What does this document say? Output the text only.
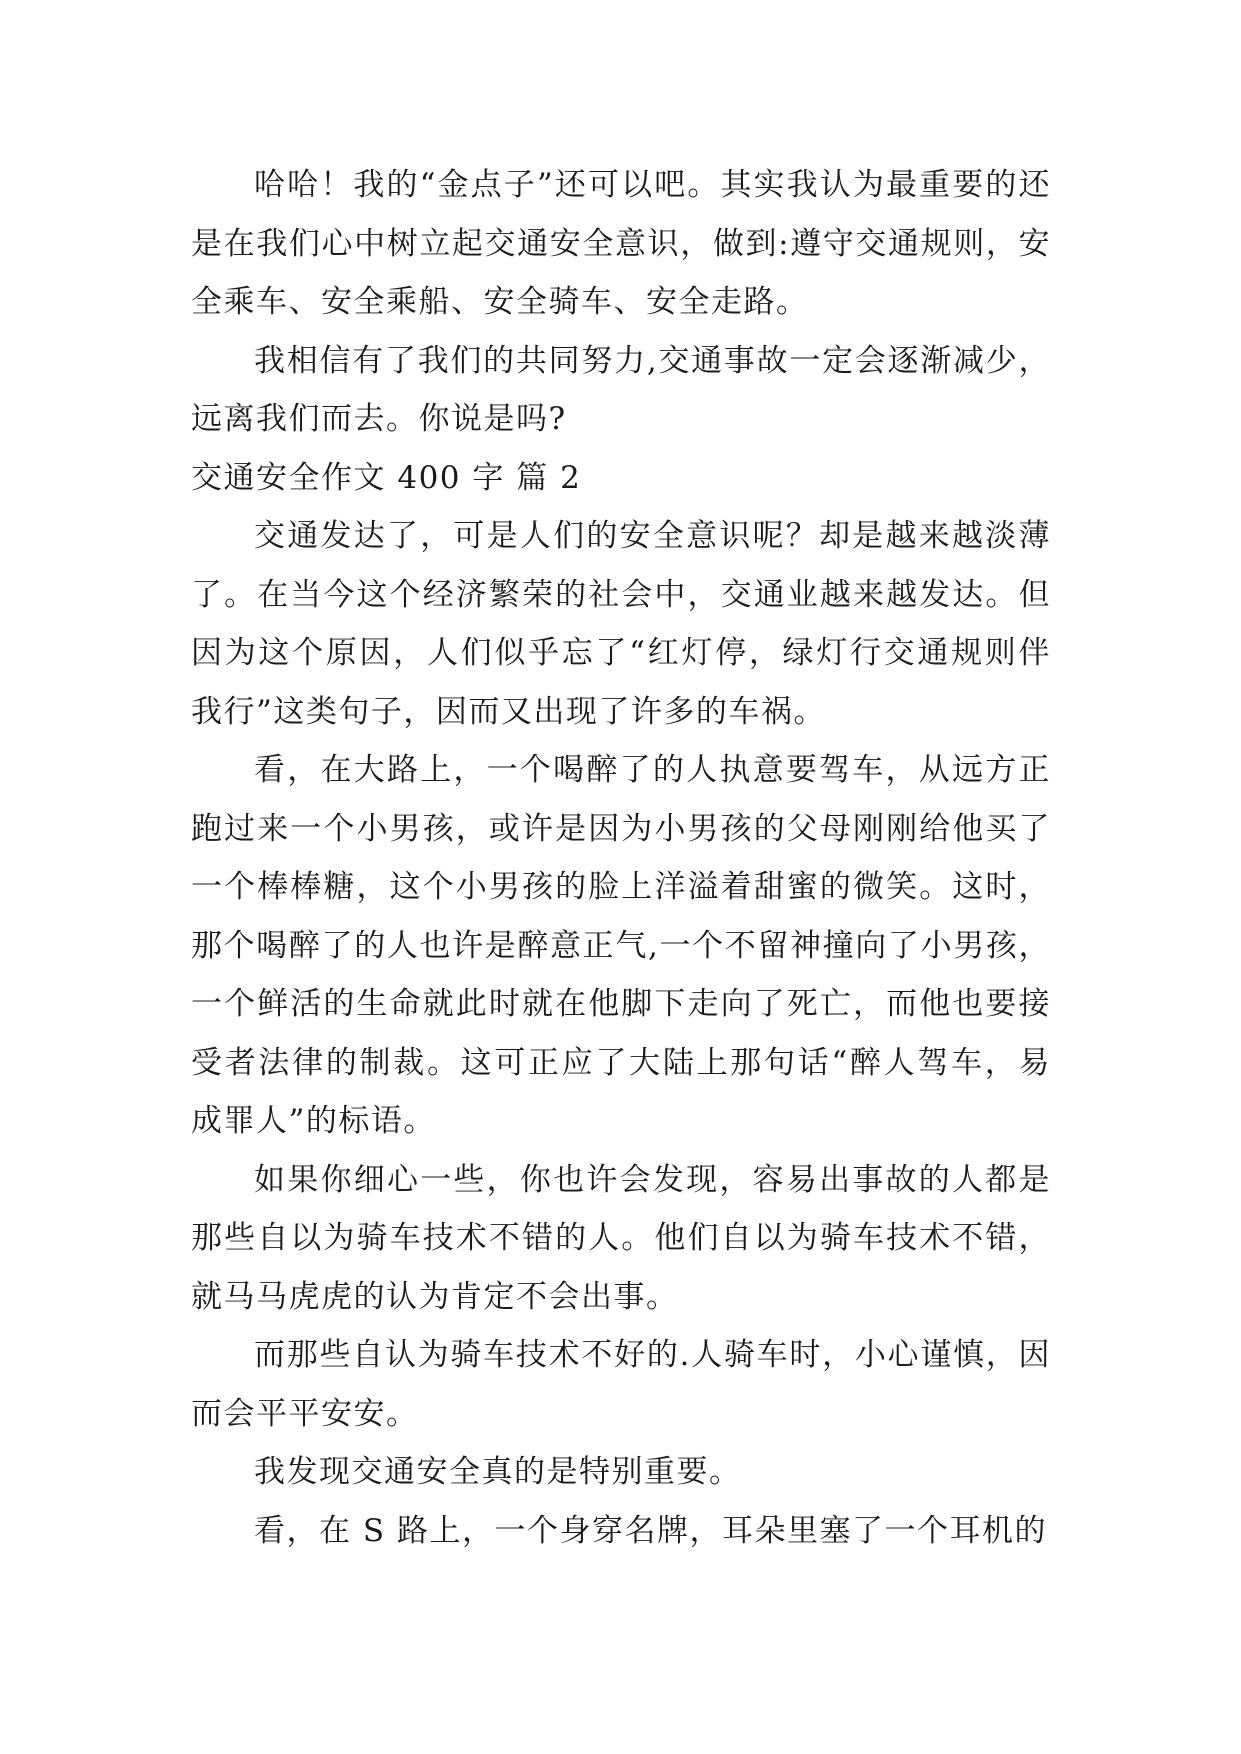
哈哈！我的“金点子”还可以吧。其实我认为最重要的还是在我们心中树立起交通安全意识，做到:遵守交通规则，安全乘车、安全乘船、安全骑车、安全走路。

我相信有了我们的共同努力,交通事故一定会逐渐减少，远离我们而去。你说是吗?

交通安全作文 400 字 篇 2

交通发达了，可是人们的安全意识呢？却是越来越淡薄了。在当今这个经济繁荣的社会中，交通业越来越发达。但因为这个原因，人们似乎忘了“红灯停，绿灯行交通规则伴我行”这类句子，因而又出现了许多的车祸。

看，在大路上，一个喝醉了的人执意要驾车，从远方正跑过来一个小男孩，或许是因为小男孩的父母刚刚给他买了一个棒棒糖，这个小男孩的脸上洋溢着甜蜜的微笑。这时，那个喝醉了的人也许是醉意正气,一个不留神撞向了小男孩，一个鲜活的生命就此时就在他脚下走向了死亡，而他也要接受者法律的制裁。这可正应了大陆上那句话“醉人驾车，易成罪人”的标语。

如果你细心一些，你也许会发现，容易出事故的人都是那些自以为骑车技术不错的人。他们自以为骑车技术不错，就马马虎虎的认为肯定不会出事。

而那些自认为骑车技术不好的.人骑车时，小心谨慎，因而会平平安安。

我发现交通安全真的是特别重要。

看，在 S 路上，一个身穿名牌，耳朵里塞了一个耳机的
